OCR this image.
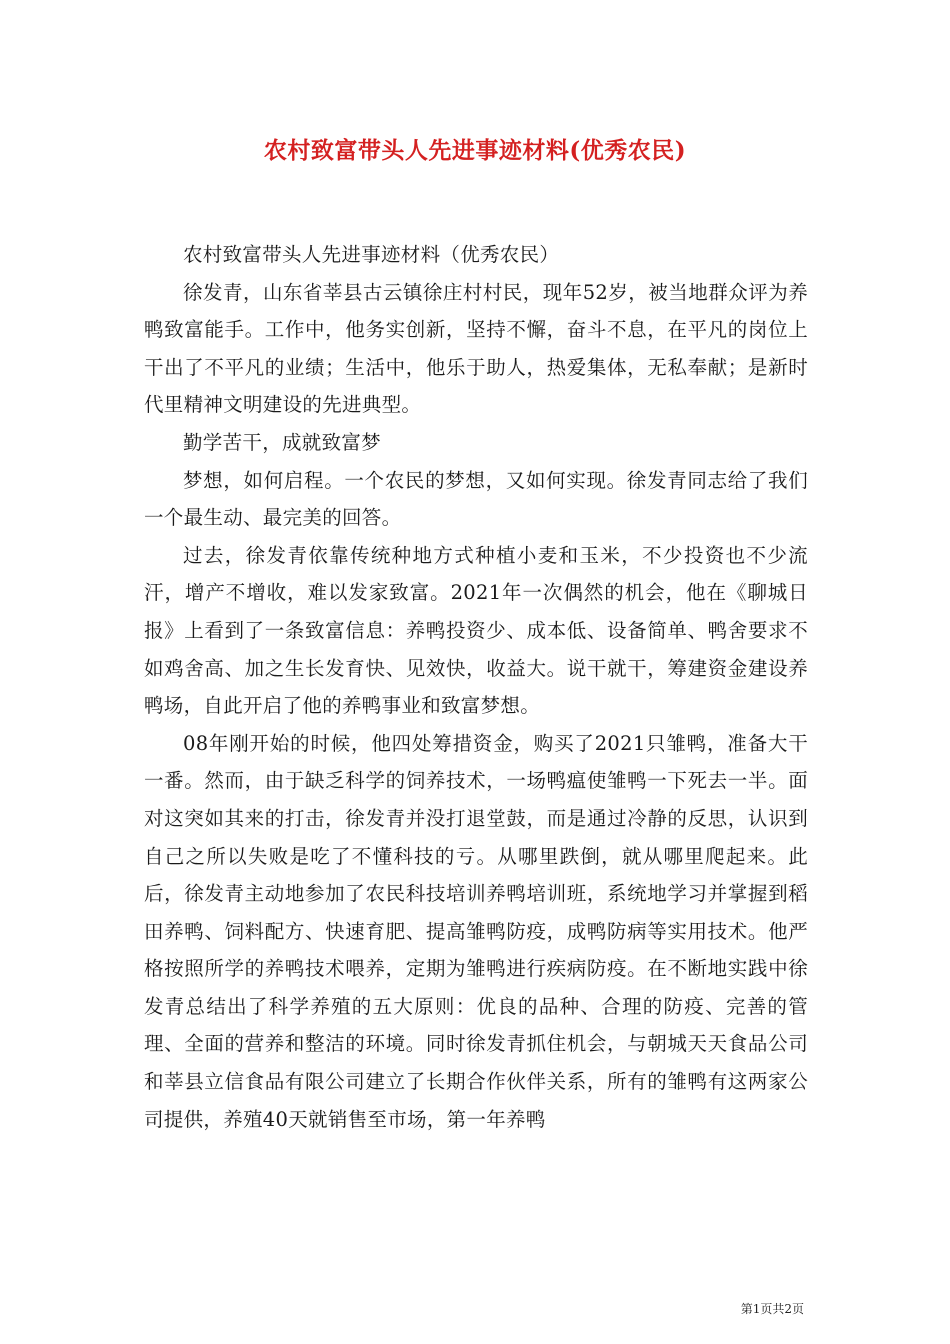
农村致富带头人先进事迹材料(优秀农民)

农村致富带头人先进事迹材料（优秀农民）

徐发青，山东省莘县古云镇徐庄村村民，现年52岁，被当地群众评为养鸭致富能手。工作中，他务实创新，坚持不懈，奋斗不息，在平凡的岗位上干出了不平凡的业绩；生活中，他乐于助人，热爱集体，无私奉献；是新时代里精神文明建设的先进典型。

勤学苦干，成就致富梦

梦想，如何启程。一个农民的梦想，又如何实现。徐发青同志给了我们一个最生动、最完美的回答。

过去，徐发青依靠传统种地方式种植小麦和玉米，不少投资也不少流汗，增产不增收，难以发家致富。2021年一次偶然的机会，他在《聊城日报》上看到了一条致富信息：养鸭投资少、成本低、设备简单、鸭舍要求不如鸡舍高、加之生长发育快、见效快，收益大。说干就干，筹建资金建设养鸭场，自此开启了他的养鸭事业和致富梦想。

08年刚开始的时候，他四处筹措资金，购买了2021只雏鸭，准备大干一番。然而，由于缺乏科学的饲养技术，一场鸭瘟使雏鸭一下死去一半。面对这突如其来的打击，徐发青并没打退堂鼓，而是通过冷静的反思，认识到自己之所以失败是吃了不懂科技的亏。从哪里跌倒，就从哪里爬起来。此后，徐发青主动地参加了农民科技培训养鸭培训班，系统地学习并掌握到稻田养鸭、饲料配方、快速育肥、提高雏鸭防疫，成鸭防病等实用技术。他严格按照所学的养鸭技术喂养，定期为雏鸭进行疾病防疫。在不断地实践中徐发青总结出了科学养殖的五大原则：优良的品种、合理的防疫、完善的管理、全面的营养和整洁的环境。同时徐发青抓住机会，与朝城天天食品公司和莘县立信食品有限公司建立了长期合作伙伴关系，所有的雏鸭有这两家公司提供，养殖40天就销售至市场，第一年养鸭

第1页共2页
